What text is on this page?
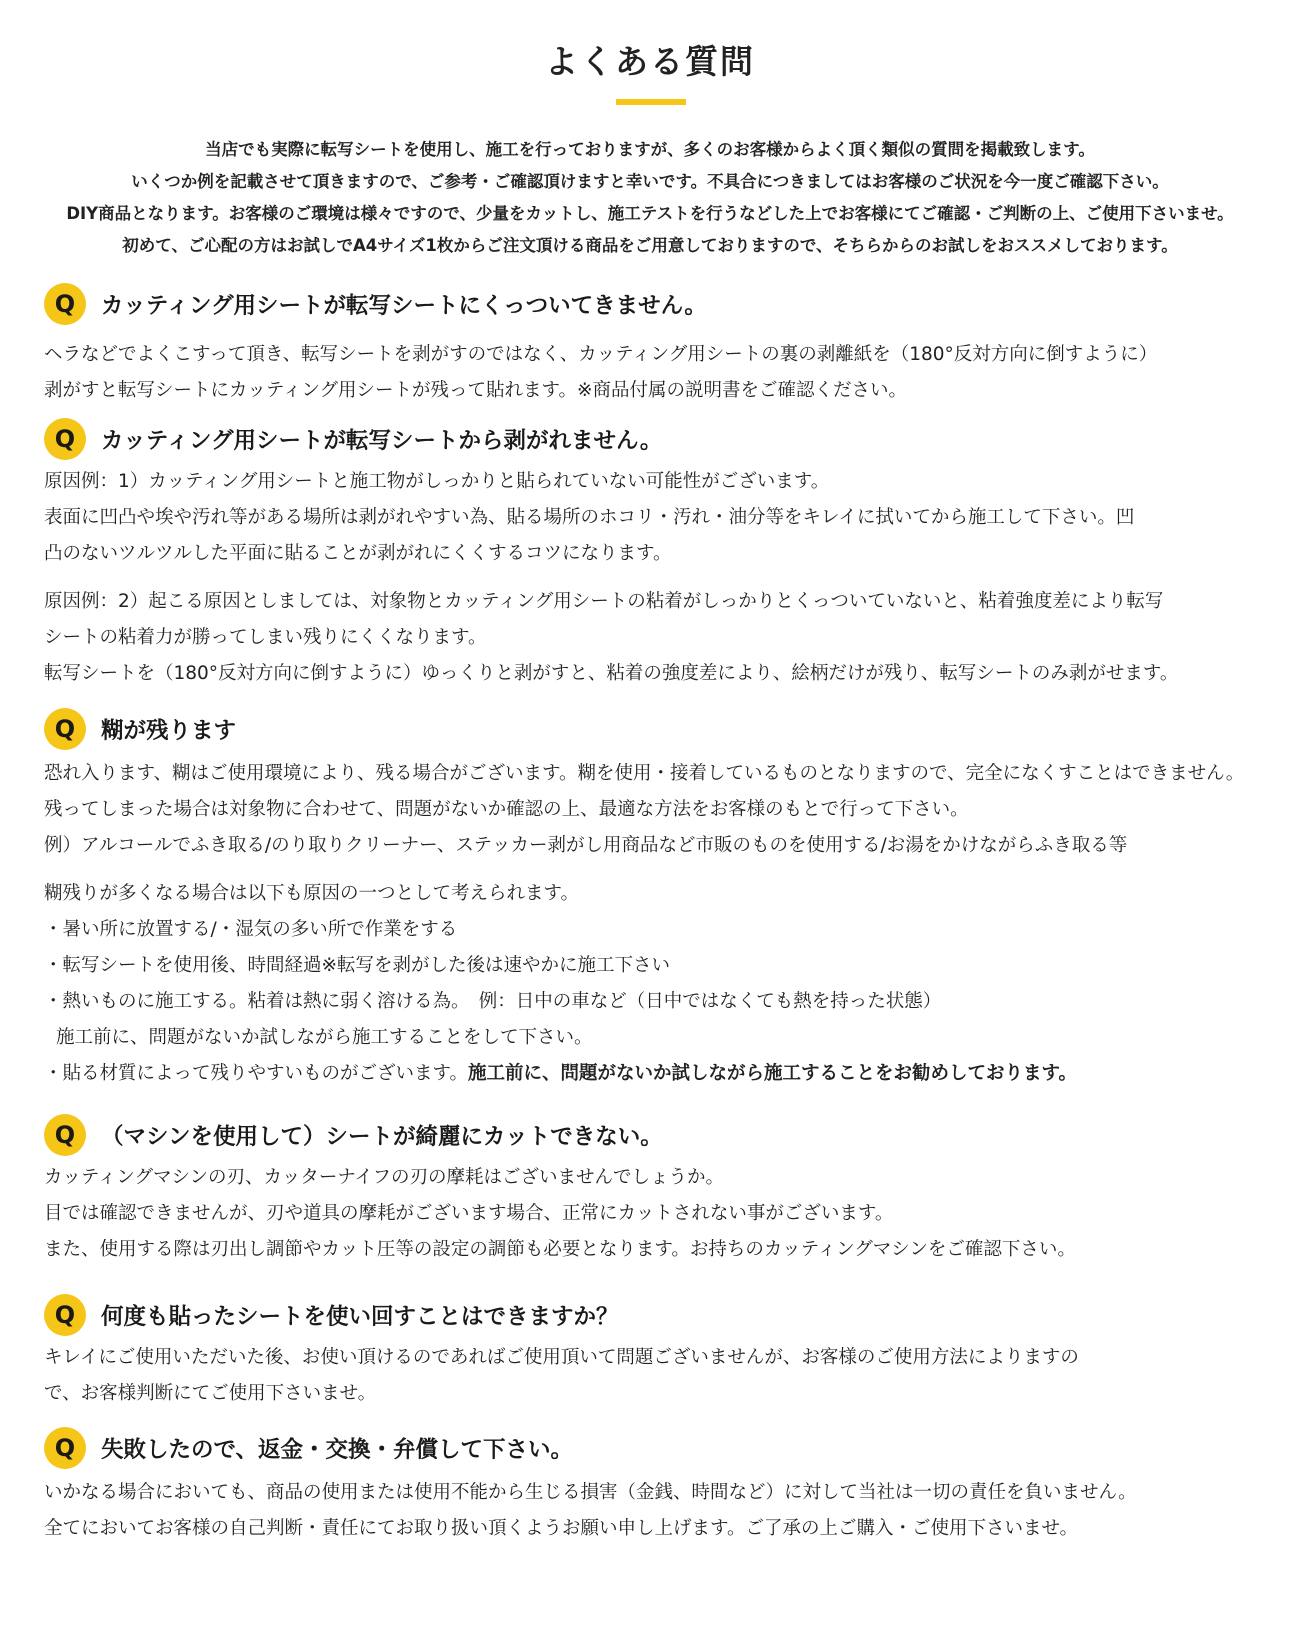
よくある質問
当店でも実際に転写シートを使用し、施工を行っておりますが、多くのお客様からよく頂く類似の質問を掲載致します。
いくつか例を記載させて頂きますので、ご参考・ご確認頂けますと幸いです。不具合につきましてはお客様のご状況を今一度ご確認下さい。
DIY商品となります。お客様のご環境は様々ですので、少量をカットし、施工テストを行うなどした上でお客様にてご確認・ご判断の上、ご使用下さいませ。
初めて、ご心配の方はお試しでA4サイズ1枚からご注文頂ける商品をご用意しておりますので、そちらからのお試しをおススメしております。
Q	カッティング用シートが転写シートにくっついてきません。
ヘラなどでよくこすって頂き、転写シートを剥がすのではなく、カッティング用シートの裏の剥離紙を（180°反対方向に倒すように）
剥がすと転写シートにカッティング用シートが残って貼れます。※商品付属の説明書をご確認ください。
Q	カッティング用シートが転写シートから剥がれません。
原因例：1）カッティング用シートと施工物がしっかりと貼られていない可能性がございます。
表面に凹凸や埃や汚れ等がある場所は剥がれやすい為、貼る場所のホコリ・汚れ・油分等をキレイに拭いてから施工して下さい。凹
凸のないツルツルした平面に貼ることが剥がれにくくするコツになります。
原因例：2）起こる原因としましては、対象物とカッティング用シートの粘着がしっかりとくっついていないと、粘着強度差により転写
シートの粘着力が勝ってしまい残りにくくなります。
転写シートを（180°反対方向に倒すように）ゆっくりと剥がすと、粘着の強度差により、絵柄だけが残り、転写シートのみ剥がせます。
Q	糊が残ります
恐れ入ります、糊はご使用環境により、残る場合がございます。糊を使用・接着しているものとなりますので、完全になくすことはできません。
残ってしまった場合は対象物に合わせて、問題がないか確認の上、最適な方法をお客様のもとで行って下さい。
例）アルコールでふき取る/のり取りクリーナー、ステッカー剥がし用商品など市販のものを使用する/お湯をかけながらふき取る等
糊残りが多くなる場合は以下も原因の一つとして考えられます。
・暑い所に放置する/・湿気の多い所で作業をする
・転写シートを使用後、時間経過※転写を剥がした後は速やかに施工下さい
・熱いものに施工する。粘着は熱に弱く溶ける為。　例：日中の車など（日中ではなくても熱を持った状態）
施工前に、問題がないか試しながら施工することをして下さい。
・貼る材質によって残りやすいものがございます。施工前に、問題がないか試しながら施工することをお勧めしております。
Q	（マシンを使用して）シートが綺麗にカットできない。
カッティングマシンの刃、カッターナイフの刃の摩耗はございませんでしょうか。
目では確認できませんが、刃や道具の摩耗がございます場合、正常にカットされない事がございます。
また、使用する際は刃出し調節やカット圧等の設定の調節も必要となります。お持ちのカッティングマシンをご確認下さい。
Q	何度も貼ったシートを使い回すことはできますか？
キレイにご使用いただいた後、お使い頂けるのであればご使用頂いて問題ございませんが、お客様のご使用方法によりますの
で、お客様判断にてご使用下さいませ。
Q	失敗したので、返金・交換・弁償して下さい。
いかなる場合においても、商品の使用または使用不能から生じる損害（金銭、時間など）に対して当社は一切の責任を負いません。
全てにおいてお客様の自己判断・責任にてお取り扱い頂くようお願い申し上げます。ご了承の上ご購入・ご使用下さいませ。
